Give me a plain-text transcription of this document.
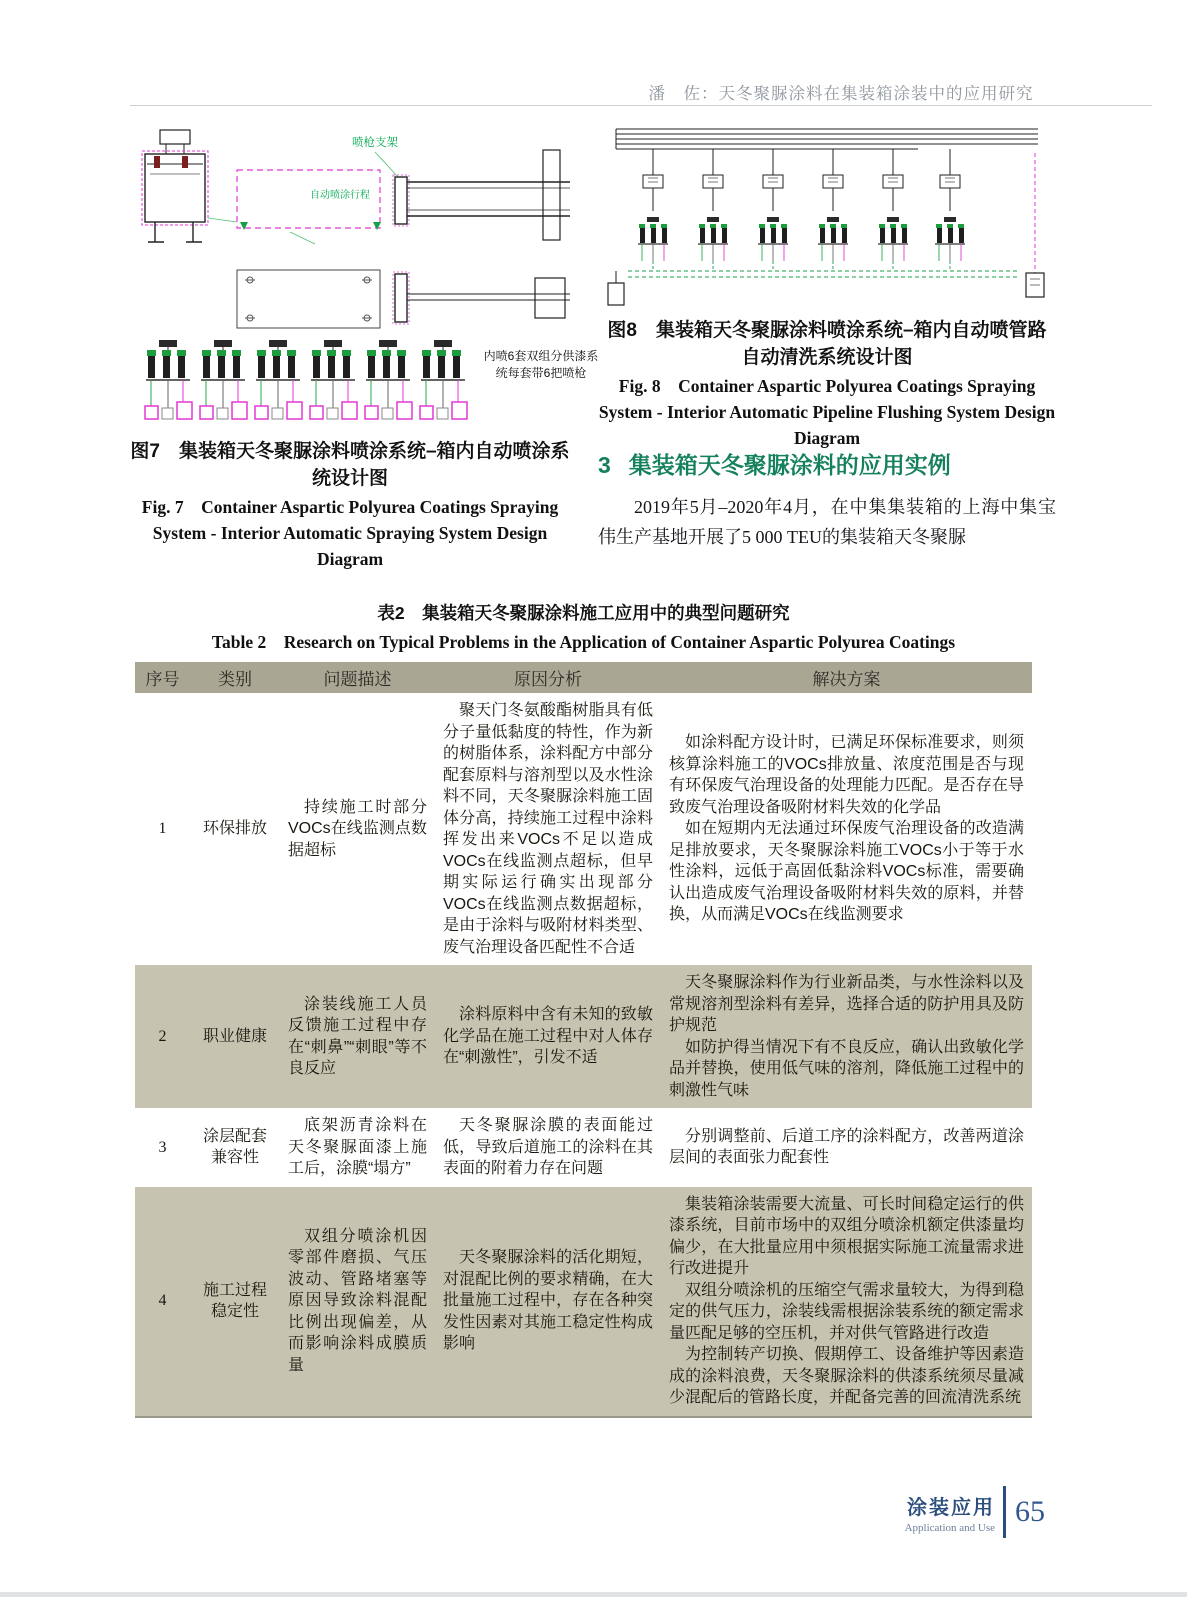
潘　佐：天冬聚脲涂料在集装箱涂装中的应用研究
喷枪支架
自动喷涂行程
内喷6套双组分供漆系统每套带6把喷枪
图7　集装箱天冬聚脲涂料喷涂系统–箱内自动喷涂系统设计图
Fig. 7　Container Aspartic Polyurea Coatings Spraying System - Interior Automatic Spraying System Design Diagram
图8　集装箱天冬聚脲涂料喷涂系统–箱内自动喷管路自动清洗系统设计图
Fig. 8　Container Aspartic Polyurea Coatings Spraying System - Interior Automatic Pipeline Flushing System Design Diagram
3 集装箱天冬聚脲涂料的应用实例

2019年5月–2020年4月，在中集集装箱的上海中集宝伟生产基地开展了5 000 TEU的集装箱天冬聚脲

表2　集装箱天冬聚脲涂料施工应用中的典型问题研究
Table 2　Research on Typical Problems in the Application of Container Aspartic Polyurea Coatings
序号	类别	问题描述	原因分析	解决方案
1	环保排放	持续施工时部分VOCs在线监测点数据超标	聚天门冬氨酸酯树脂具有低分子量低黏度的特性，作为新的树脂体系，涂料配方中部分配套原料与溶剂型以及水性涂料不同，天冬聚脲涂料施工固体分高，持续施工过程中涂料挥发出来VOCs不足以造成VOCs在线监测点超标，但早期实际运行确实出现部分VOCs在线监测点数据超标，是由于涂料与吸附材料类型、废气治理设备匹配性不合适	如涂料配方设计时，已满足环保标准要求，则须核算涂料施工的VOCs排放量、浓度范围是否与现有环保废气治理设备的处理能力匹配。是否存在导致废气治理设备吸附材料失效的化学品

如在短期内无法通过环保废气治理设备的改造满足排放要求，天冬聚脲涂料施工VOCs小于等于水性涂料，远低于高固低黏涂料VOCs标准，需要确认出造成废气治理设备吸附材料失效的原料，并替换，从而满足VOCs在线监测要求

2	职业健康	涂装线施工人员反馈施工过程中存在“刺鼻”“刺眼”等不良反应	涂料原料中含有未知的致敏化学品在施工过程中对人体存在“刺激性”，引发不适	天冬聚脲涂料作为行业新品类，与水性涂料以及常规溶剂型涂料有差异，选择合适的防护用具及防护规范

如防护得当情况下有不良反应，确认出致敏化学品并替换，使用低气味的溶剂，降低施工过程中的刺激性气味

3	涂层配套兼容性	底架沥青涂料在天冬聚脲面漆上施工后，涂膜“塌方”	天冬聚脲涂膜的表面能过低，导致后道施工的涂料在其表面的附着力存在问题	分别调整前、后道工序的涂料配方，改善两道涂层间的表面张力配套性

4	施工过程稳定性	双组分喷涂机因零部件磨损、气压波动、管路堵塞等原因导致涂料混配比例出现偏差，从而影响涂料成膜质量	天冬聚脲涂料的活化期短，对混配比例的要求精确，在大批量施工过程中，存在各种突发性因素对其施工稳定性构成影响	集装箱涂装需要大流量、可长时间稳定运行的供漆系统，目前市场中的双组分喷涂机额定供漆量均偏少，在大批量应用中须根据实际施工流量需求进行改进提升

双组分喷涂机的压缩空气需求量较大，为得到稳定的供气压力，涂装线需根据涂装系统的额定需求量匹配足够的空压机，并对供气管路进行改造

为控制转产切换、假期停工、设备维护等因素造成的涂料浪费，天冬聚脲涂料的供漆系统须尽量减少混配后的管路长度，并配备完善的回流清洗系统

涂装应用
Application and Use 65
